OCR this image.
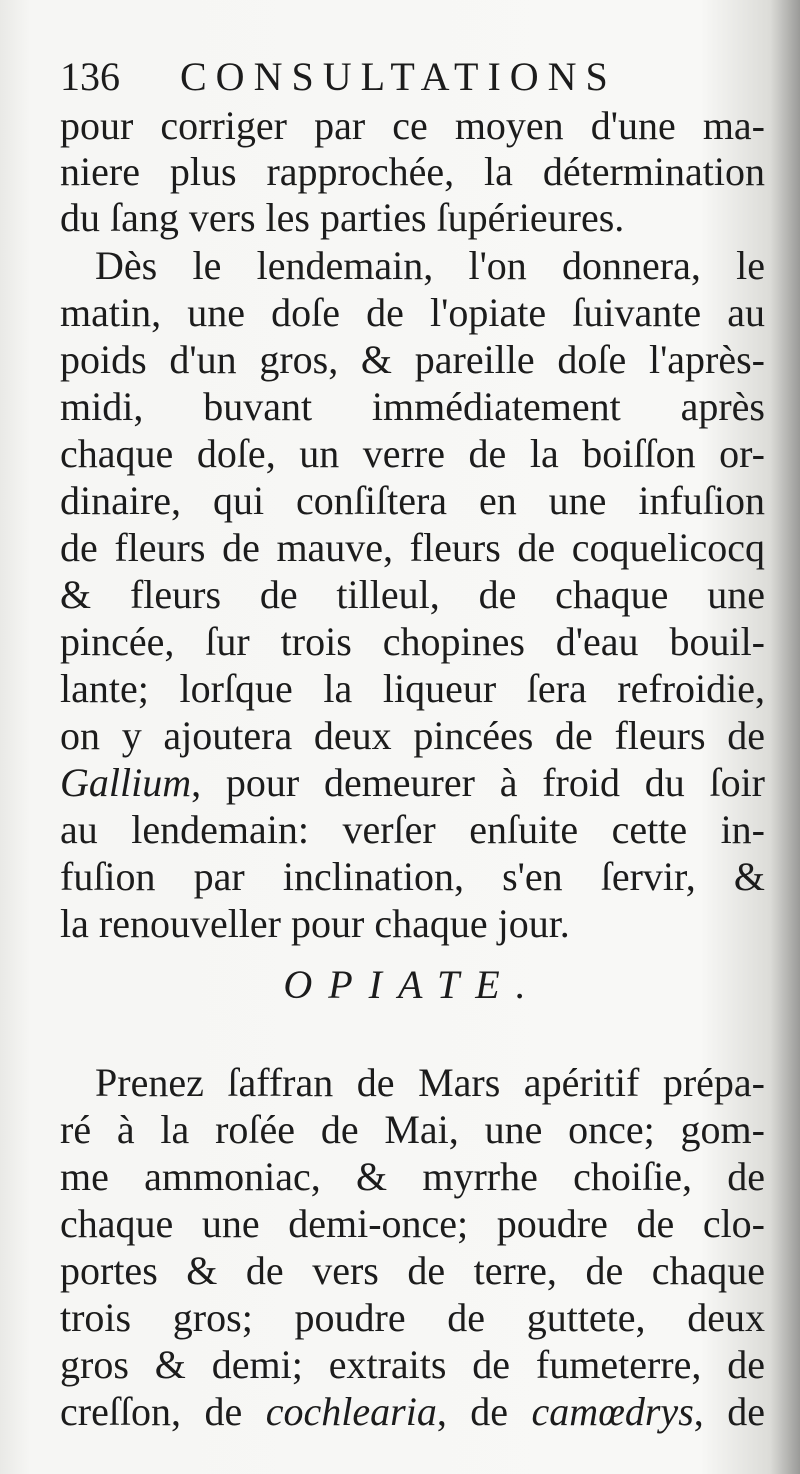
136 CONSULTATIONS
pour corriger par ce moyen d'une ma-
niere plus rapprochée, la détermination
du ſang vers les parties ſupérieures.
Dès le lendemain, l'on donnera, le
matin, une doſe de l'opiate ſuivante au
poids d'un gros, & pareille doſe l'après-
midi, buvant immédiatement après
chaque doſe, un verre de la boiſſon or-
dinaire, qui conſiſtera en une infuſion
de fleurs de mauve, fleurs de coquelicocq
& fleurs de tilleul, de chaque une
pincée, ſur trois chopines d'eau bouil-
lante; lorſque la liqueur ſera refroidie,
on y ajoutera deux pincées de fleurs de
Gallium, pour demeurer à froid du ſoir
au lendemain: verſer enſuite cette in-
fuſion par inclination, s'en ſervir, &
la renouveller pour chaque jour.
OPIATE.
Prenez ſaffran de Mars apéritif prépa-
ré à la roſée de Mai, une once; gom-
me ammoniac, & myrrhe choiſie, de
chaque une demi-once; poudre de clo-
portes & de vers de terre, de chaque
trois gros; poudre de guttete, deux
gros & demi; extraits de fumeterre, de
creſſon, de cochlearia, de camœdrys, de
